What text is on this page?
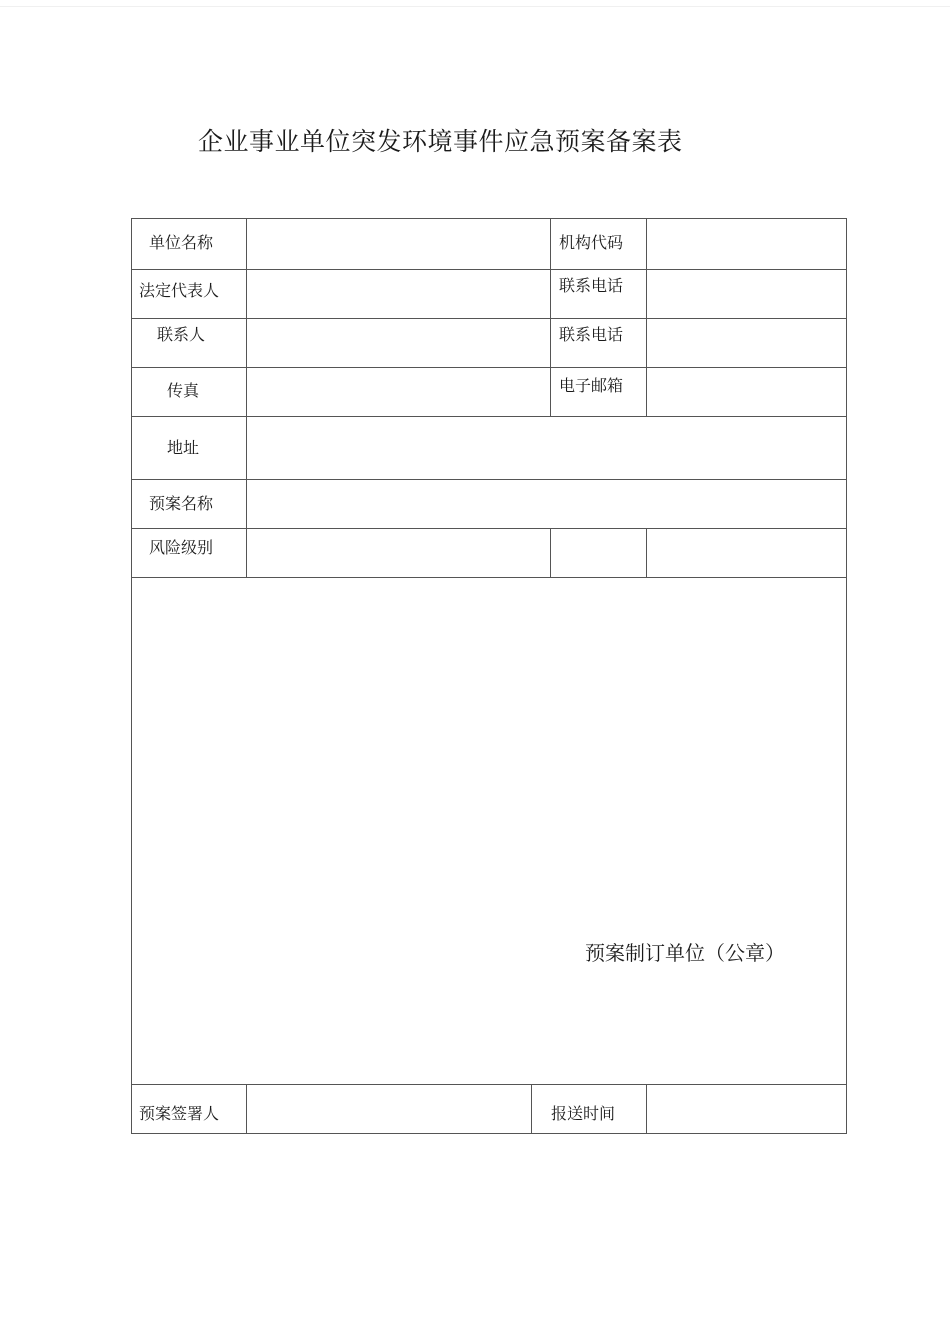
企业事业单位突发环境事件应急预案备案表
单位名称	机构代码
法定代表人	联系电话
联系人	联系电话
传真	电子邮箱
地址
预案名称
风险级别
预案制订单位（公章）
预案签署人	报送时间
